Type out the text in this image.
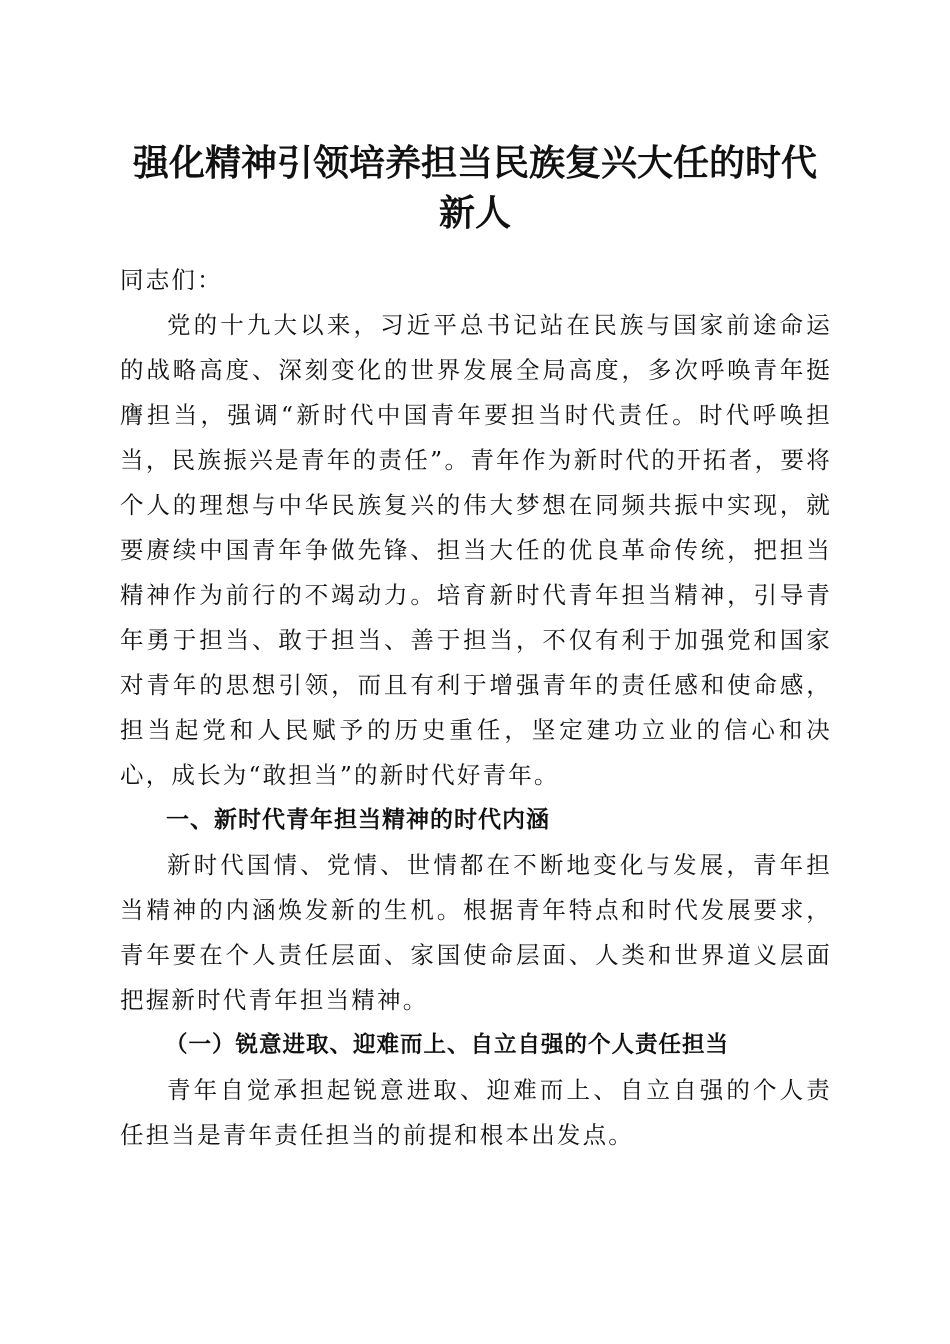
强化精神引领培养担当民族复兴大任的时代新人

同志们：

党的十九大以来，习近平总书记站在民族与国家前途命运的战略高度、深刻变化的世界发展全局高度，多次呼唤青年挺膺担当，强调“新时代中国青年要担当时代责任。时代呼唤担当，民族振兴是青年的责任”。青年作为新时代的开拓者，要将个人的理想与中华民族复兴的伟大梦想在同频共振中实现，就要赓续中国青年争做先锋、担当大任的优良革命传统，把担当精神作为前行的不竭动力。培育新时代青年担当精神，引导青年勇于担当、敢于担当、善于担当，不仅有利于加强党和国家对青年的思想引领，而且有利于增强青年的责任感和使命感，担当起党和人民赋予的历史重任，坚定建功立业的信心和决心，成长为“敢担当”的新时代好青年。

一、新时代青年担当精神的时代内涵

新时代国情、党情、世情都在不断地变化与发展，青年担当精神的内涵焕发新的生机。根据青年特点和时代发展要求，青年要在个人责任层面、家国使命层面、人类和世界道义层面把握新时代青年担当精神。

（一）锐意进取、迎难而上、自立自强的个人责任担当

青年自觉承担起锐意进取、迎难而上、自立自强的个人责任担当是青年责任担当的前提和根本出发点。
